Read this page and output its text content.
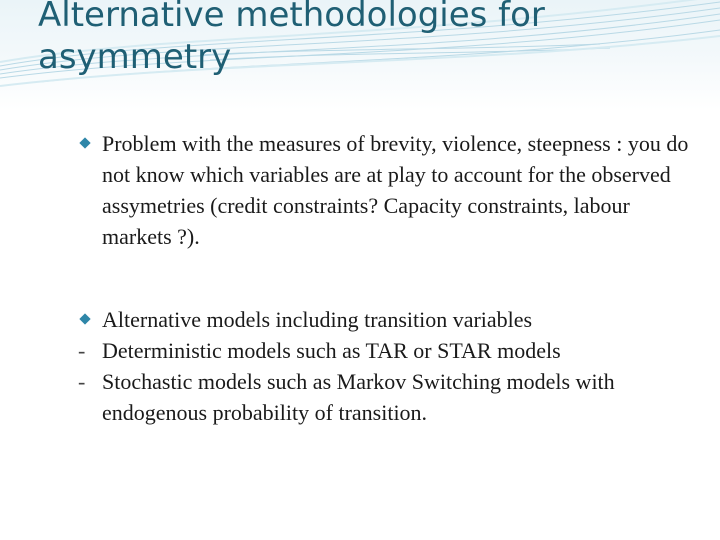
Alternative methodologies for asymmetry
Problem with the measures of brevity, violence, steepness : you do not know which variables are at play to account for the observed assymetries (credit constraints? Capacity constraints, labour markets ?).
Alternative models including transition variables
- Deterministic models such as TAR or STAR models
- Stochastic models such as Markov Switching models with endogenous probability of transition.
